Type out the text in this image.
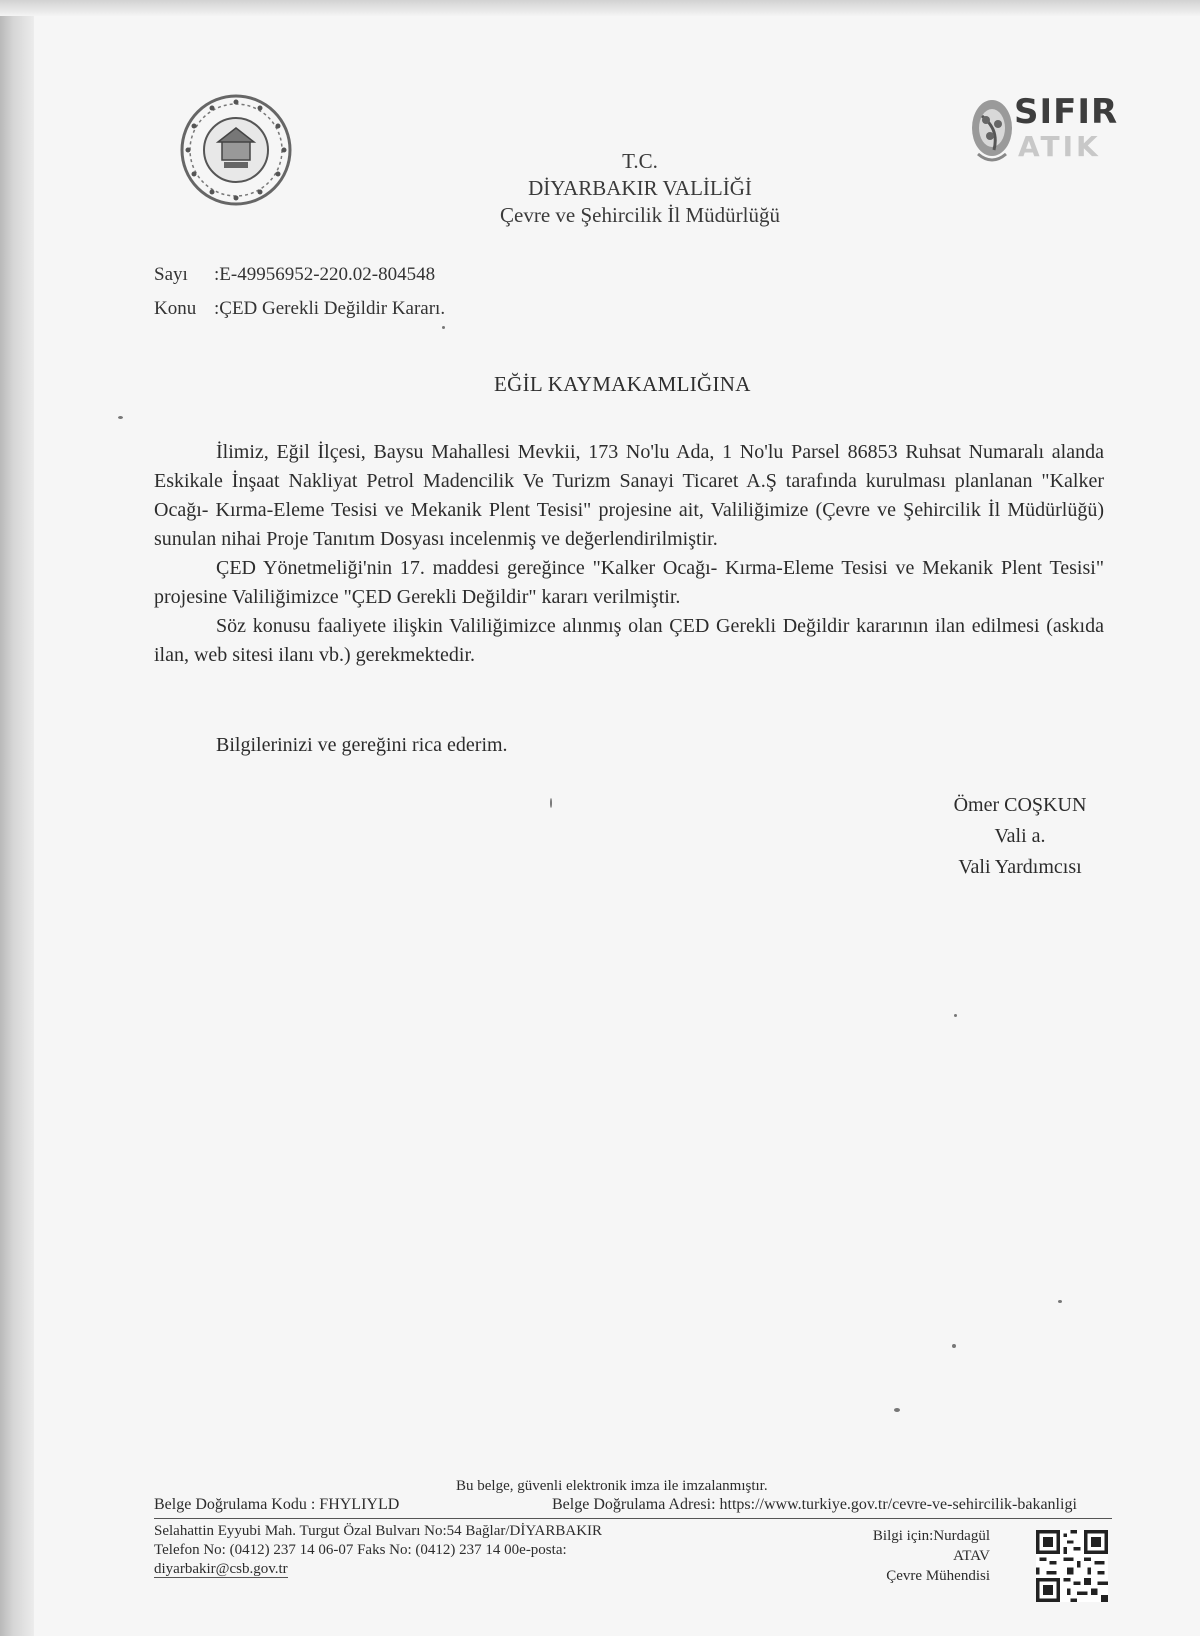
SIFIR
ATIK
T.C.
DİYARBAKIR VALİLİĞİ
Çevre ve Şehircilik İl Müdürlüğü
Sayı	:E-49956952-220.02-804548
Konu :ÇED Gerekli Değildir Kararı.
EĞİL KAYMAKAMLIĞINA

İlimiz, Eğil İlçesi, Baysu Mahallesi Mevkii, 173 No'lu Ada, 1 No'lu Parsel 86853 Ruhsat Numaralı alanda Eskikale İnşaat Nakliyat Petrol Madencilik Ve Turizm Sanayi Ticaret A.Ş tarafında kurulması planlanan "Kalker Ocağı- Kırma-Eleme Tesisi ve Mekanik Plent Tesisi" projesine ait, Valiliğimize (Çevre ve Şehircilik İl Müdürlüğü) sunulan nihai Proje Tanıtım Dosyası incelenmiş ve değerlendirilmiştir.

ÇED Yönetmeliği'nin 17. maddesi gereğince "Kalker Ocağı- Kırma-Eleme Tesisi ve Mekanik Plent Tesisi" projesine Valiliğimizce "ÇED Gerekli Değildir" kararı verilmiştir.

Söz konusu faaliyete ilişkin Valiliğimizce alınmış olan ÇED Gerekli Değildir kararının ilan edilmesi (askıda ilan, web sitesi ilanı vb.) gerekmektedir.

Bilgilerinizi ve gereğini rica ederim.
Ömer COŞKUN
Vali a.
Vali Yardımcısı
Bu belge, güvenli elektronik imza ile imzalanmıştır.
Belge Doğrulama Kodu : FHYLIYLD	Belge Doğrulama Adresi: https://www.turkiye.gov.tr/cevre-ve-sehircilik-bakanligi
Selahattin Eyyubi Mah. Turgut Özal Bulvarı No:54 Bağlar/DİYARBAKIR
Telefon No: (0412) 237 14 06-07 Faks No: (0412) 237 14 00e-posta:
diyarbakir@csb.gov.tr
Bilgi için:Nurdagül ATAV
Çevre Mühendisi
